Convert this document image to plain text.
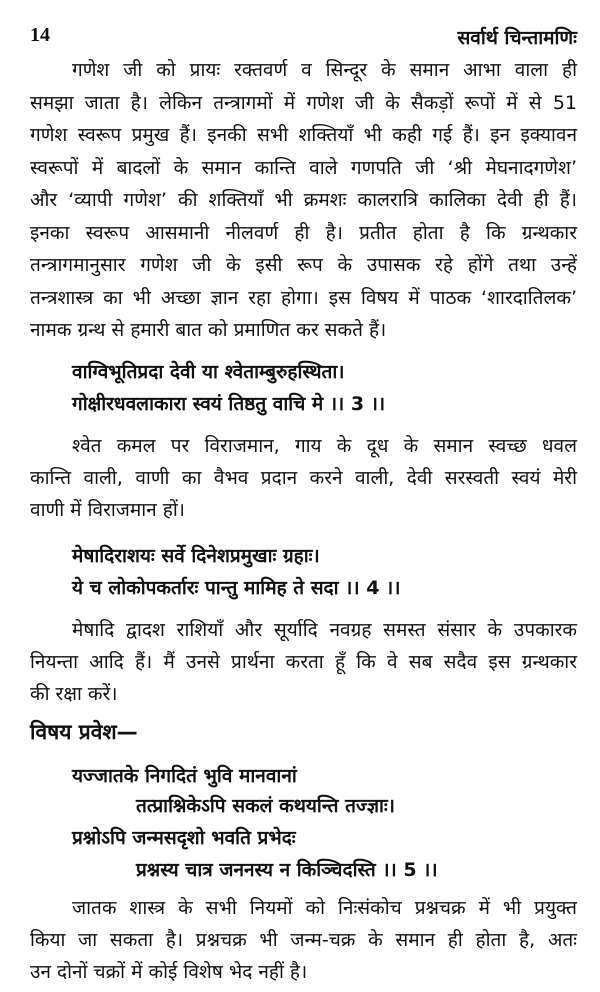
14	सर्वार्थ चिन्तामणिः
गणेश जी को प्रायः रक्तवर्ण व सिन्दूर के समान आभा वाला ही
समझा जाता है। लेकिन तन्त्रागमों में गणेश जी के सैकड़ों रूपों में से 51
गणेश स्वरूप प्रमुख हैं। इनकी सभी शक्तियाँ भी कही गई हैं। इन इक्यावन
स्वरूपों में बादलों के समान कान्ति वाले गणपति जी ‘श्री मेघनादगणेश’
और ‘व्यापी गणेश’ की शक्तियाँ भी क्रमशः कालरात्रि कालिका देवी ही हैं।
इनका स्वरूप आसमानी नीलवर्ण ही है। प्रतीत होता है कि ग्रन्थकार
तन्त्रागमानुसार गणेश जी के इसी रूप के उपासक रहे होंगे तथा उन्हें
तन्त्रशास्त्र का भी अच्छा ज्ञान रहा होगा। इस विषय में पाठक ‘शारदातिलक’
नामक ग्रन्थ से हमारी बात को प्रमाणित कर सकते हैं।
वाग्विभूतिप्रदा देवी या श्वेताम्बुरुहस्थिता।
गोक्षीरधवलाकारा स्वयं तिष्ठतु वाचि मे ।। 3 ।।
श्वेत कमल पर विराजमान, गाय के दूध के समान स्वच्छ धवल
कान्ति वाली, वाणी का वैभव प्रदान करने वाली, देवी सरस्वती स्वयं मेरी
वाणी में विराजमान हों।
मेषादिराशयः सर्वे दिनेशप्रमुखाः ग्रहाः।
ये च लोकोपकर्तारः पान्तु मामिह ते सदा ।। 4 ।।
मेषादि द्वादश राशियाँ और सूर्यादि नवग्रह समस्त संसार के उपकारक
नियन्ता आदि हैं। मैं उनसे प्रार्थना करता हूँ कि वे सब सदैव इस ग्रन्थकार
की रक्षा करें।
विषय प्रवेश—
यज्जातके निगदितं भुवि मानवानां
तत्प्राश्निकेऽपि सकलं कथयन्ति तज्ज्ञाः।
प्रश्नोऽपि जन्मसदृशो भवति प्रभेदः
प्रश्नस्य चात्र जननस्य न किञ्चिदस्ति ।। 5 ।।
जातक शास्त्र के सभी नियमों को निःसंकोच प्रश्नचक्र में भी प्रयुक्त
किया जा सकता है। प्रश्नचक्र भी जन्म-चक्र के समान ही होता है, अतः
उन दोनों चक्रों में कोई विशेष भेद नहीं है।
